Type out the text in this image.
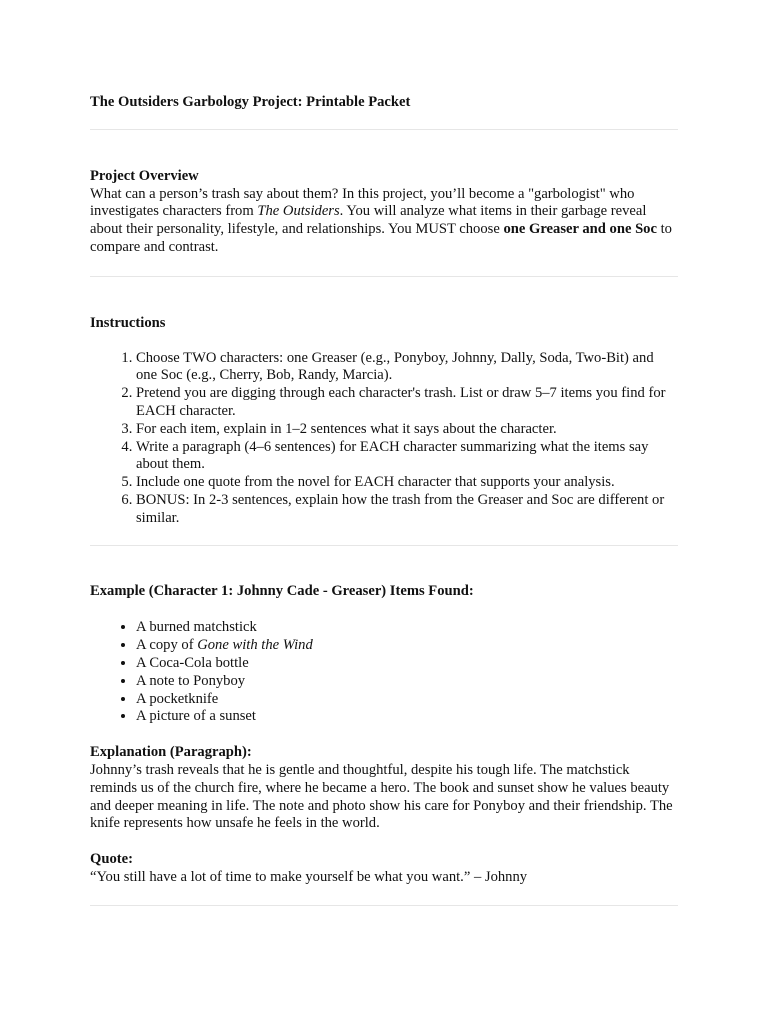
The Outsiders Garbology Project: Printable Packet
Project Overview

What can a person’s trash say about them? In this project, you’ll become a "garbologist" who investigates characters from The Outsiders. You will analyze what items in their garbage reveal about their personality, lifestyle, and relationships. You MUST choose one Greaser and one Soc to compare and contrast.

Instructions
1. Choose TWO characters: one Greaser (e.g., Ponyboy, Johnny, Dally, Soda, Two-Bit) and one Soc (e.g., Cherry, Bob, Randy, Marcia).
2. Pretend you are digging through each character's trash. List or draw 5–7 items you find for EACH character.
3. For each item, explain in 1–2 sentences what it says about the character.
4. Write a paragraph (4–6 sentences) for EACH character summarizing what the items say about them.
5. Include one quote from the novel for EACH character that supports your analysis.
6. BONUS: In 2-3 sentences, explain how the trash from the Greaser and Soc are different or similar.
Example (Character 1: Johnny Cade - Greaser) Items Found:
• A burned matchstick
• A copy of Gone with the Wind
• A Coca-Cola bottle
• A note to Ponyboy
• A pocketknife
• A picture of a sunset
Explanation (Paragraph):

Johnny’s trash reveals that he is gentle and thoughtful, despite his tough life. The matchstick reminds us of the church fire, where he became a hero. The book and sunset show he values beauty and deeper meaning in life. The note and photo show his care for Ponyboy and their friendship. The knife represents how unsafe he feels in the world.

Quote:

“You still have a lot of time to make yourself be what you want.” – Johnny
